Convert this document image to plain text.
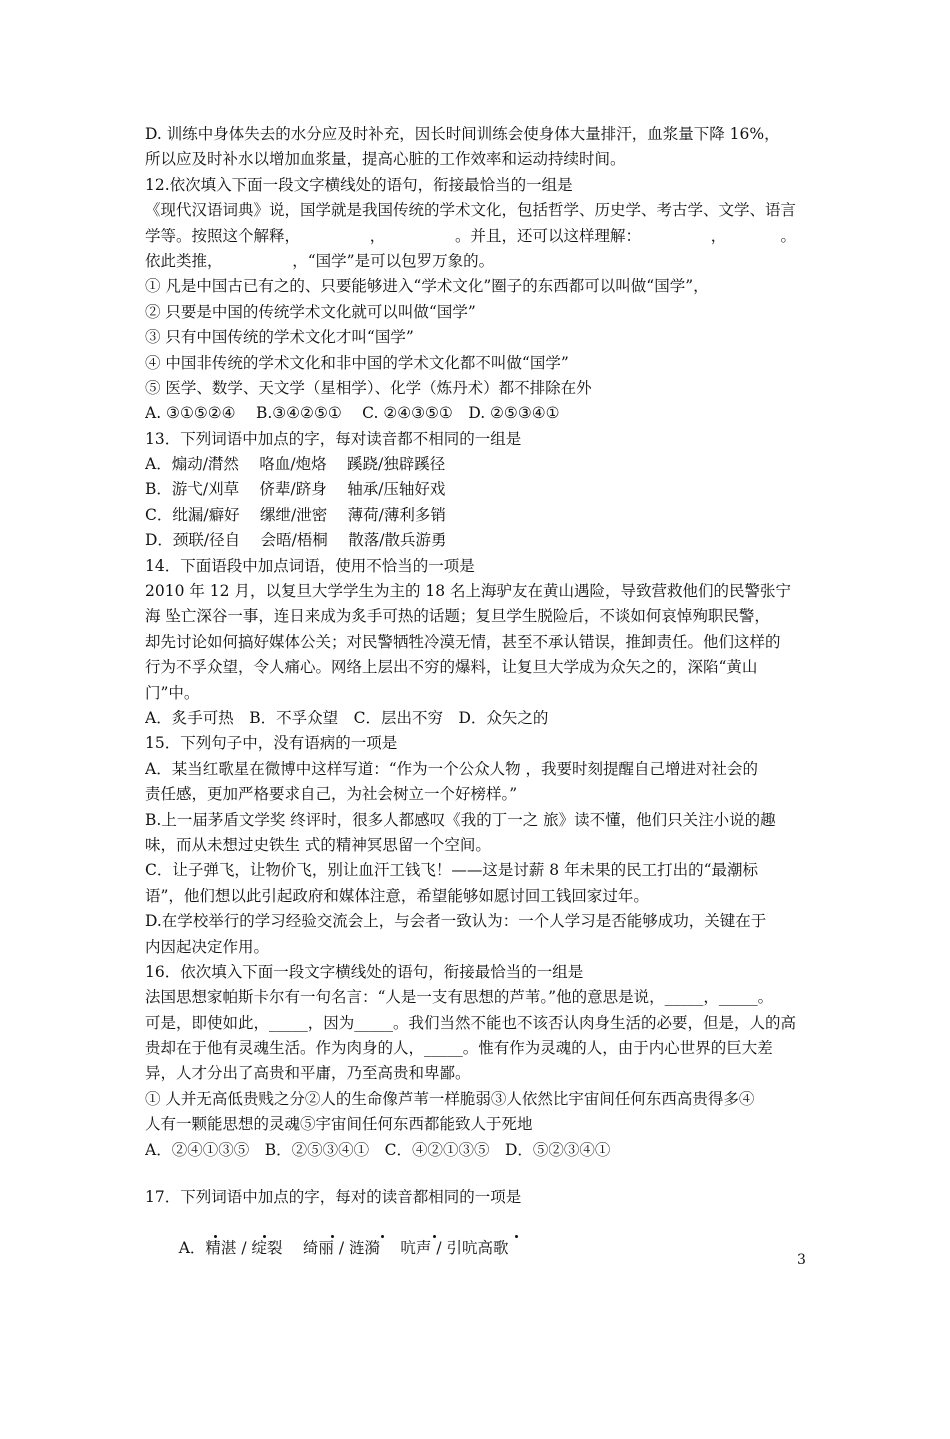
D. 训练中身体失去的水分应及时补充，因长时间训练会使身体大量排汗，血浆量下降 16%，
所以应及时补水以增加血浆量，提高心脏的工作效率和运动持续时间。
12.依次填入下面一段文字横线处的语句，衔接最恰当的一组是
《现代汉语词典》说，国学就是我国传统的学术文化，包括哲学、历史学、考古学、文学、语言
学等。按照这个解释，　　　　　，　　　　　。并且，还可以这样理解：　　　　　，　　　　。
依此类推，　　　　　，“国学”是可以包罗万象的。
① 凡是中国古已有之的、只要能够进入“学术文化”圈子的东西都可以叫做“国学”，
② 只要是中国的传统学术文化就可以叫做“国学”
③ 只有中国传统的学术文化才叫“国学”
④ 中国非传统的学术文化和非中国的学术文化都不叫做“国学”
⑤ 医学、数学、天文学（星相学）、化学（炼丹术）都不排除在外
A. ③①⑤②④　 B.③④②⑤①　 C. ②④③⑤①　D. ②⑤③④①
13．下列词语中加点的字，每对读音都不相同的一组是
A．煽动/潸然　 咯血/炮烙　 蹊跷/独辟蹊径
B．游弋/刈草　 侪辈/跻身　 轴承/压轴好戏
C．纰漏/癖好　 缧绁/泄密　 薄荷/薄利多销
D．颈联/径自　 会晤/梧桐　 散落/散兵游勇
14．下面语段中加点词语，使用不恰当的一项是
2010 年 12 月，以复旦大学学生为主的 18 名上海驴友在黄山遇险，导致营救他们的民警张宁
海 坠亡深谷一事，连日来成为炙手可热的话题；复旦学生脱险后，不谈如何哀悼殉职民警，
却先讨论如何搞好媒体公关；对民警牺牲冷漠无情，甚至不承认错误，推卸责任。他们这样的
行为不孚众望，令人痛心。网络上层出不穷的爆料，让复旦大学成为众矢之的，深陷“黄山
门”中。
A．炙手可热　B．不孚众望　C．层出不穷　D．众矢之的
15．下列句子中，没有语病的一项是
A．某当红歌星在微博中这样写道：“作为一个公众人物 ，我要时刻提醒自己增进对社会的
责任感，更加严格要求自己，为社会树立一个好榜样。”
B.上一届茅盾文学奖 终评时，很多人都感叹《我的丁一之 旅》读不懂，他们只关注小说的趣
味，而从未想过史铁生 式的精神冥思留一个空间。
C．让子弹飞，让物价飞，别让血汗工钱飞！——这是讨薪 8 年未果的民工打出的“最潮标
语”，他们想以此引起政府和媒体注意，希望能够如愿讨回工钱回家过年。
D.在学校举行的学习经验交流会上，与会者一致认为：一个人学习是否能够成功，关键在于
内因起决定作用。
16．依次填入下面一段文字横线处的语句，衔接最恰当的一组是
法国思想家帕斯卡尔有一句名言：“人是一支有思想的芦苇。”他的意思是说，_____，_____。
可是，即使如此，_____，因为_____。我们当然不能也不该否认肉身生活的必要，但是，人的高
贵却在于他有灵魂生活。作为肉身的人，_____。惟有作为灵魂的人，由于内心世界的巨大差
异，人才分出了高贵和平庸，乃至高贵和卑鄙。
① 人并无高低贵贱之分②人的生命像芦苇一样脆弱③人依然比宇宙间任何东西高贵得多④
人有一颗能思想的灵魂⑤宇宙间任何东西都能致人于死地
A．②④①③⑤　B．②⑤③④①　C．④②①③⑤　D．⑤②③④①
17．下列词语中加点的字，每对的读音都相同的一项是

A．精湛 / 绽裂　 绮丽 / 涟漪　 吭声 / 引吭高歌

3
